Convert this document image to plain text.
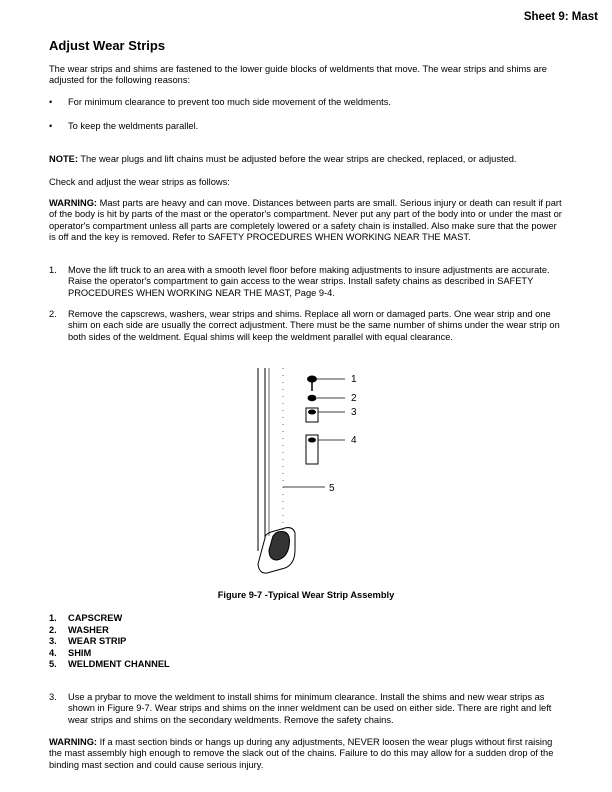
Sheet 9: Mast
Adjust Wear Strips
The wear strips and shims are fastened to the lower guide blocks of weldments that move. The wear strips and shims are adjusted for the following reasons:
• For minimum clearance to prevent too much side movement of the weldments.
• To keep the weldments parallel.
NOTE: The wear plugs and lift chains must be adjusted before the wear strips are checked, replaced, or adjusted.
Check and adjust the wear strips as follows:
WARNING: Mast parts are heavy and can move. Distances between parts are small. Serious injury or death can result if part of the body is hit by parts of the mast or the operator's compartment. Never put any part of the body into or under the mast or operator's compartment unless all parts are completely lowered or a safety chain is installed. Also make sure that the power is off and the key is removed. Refer to SAFETY PROCEDURES WHEN WORKING NEAR THE MAST.
1. Move the lift truck to an area with a smooth level floor before making adjustments to insure adjustments are accurate. Raise the operator's compartment to gain access to the wear strips. Install safety chains as described in SAFETY PROCEDURES WHEN WORKING NEAR THE MAST, Page 9-4.
2. Remove the capscrews, washers, wear strips and shims. Replace all worn or damaged parts. One wear strip and one shim on each side are usually the correct adjustment. There must be the same number of shims under the wear strip on both sides of the weldment. Equal shims will keep the weldment parallel with equal clearance.
1
2
3
4
5
Figure 9-7 -Typical Wear Strip Assembly
1. CAPSCREW
2. WASHER
3. WEAR STRIP
4. SHIM
5. WELDMENT CHANNEL
3. Use a prybar to move the weldment to install shims for minimum clearance. Install the shims and new wear strips as shown in Figure 9-7. Wear strips and shims on the inner weldment can be used on either side. There are right and left wear strips and shims on the secondary weldments. Remove the safety chains.
WARNING: If a mast section binds or hangs up during any adjustments, NEVER loosen the wear plugs without first raising the mast assembly high enough to remove the slack out of the chains. Failure to do this may allow for a sudden drop of the binding mast section and could cause serious injury.
